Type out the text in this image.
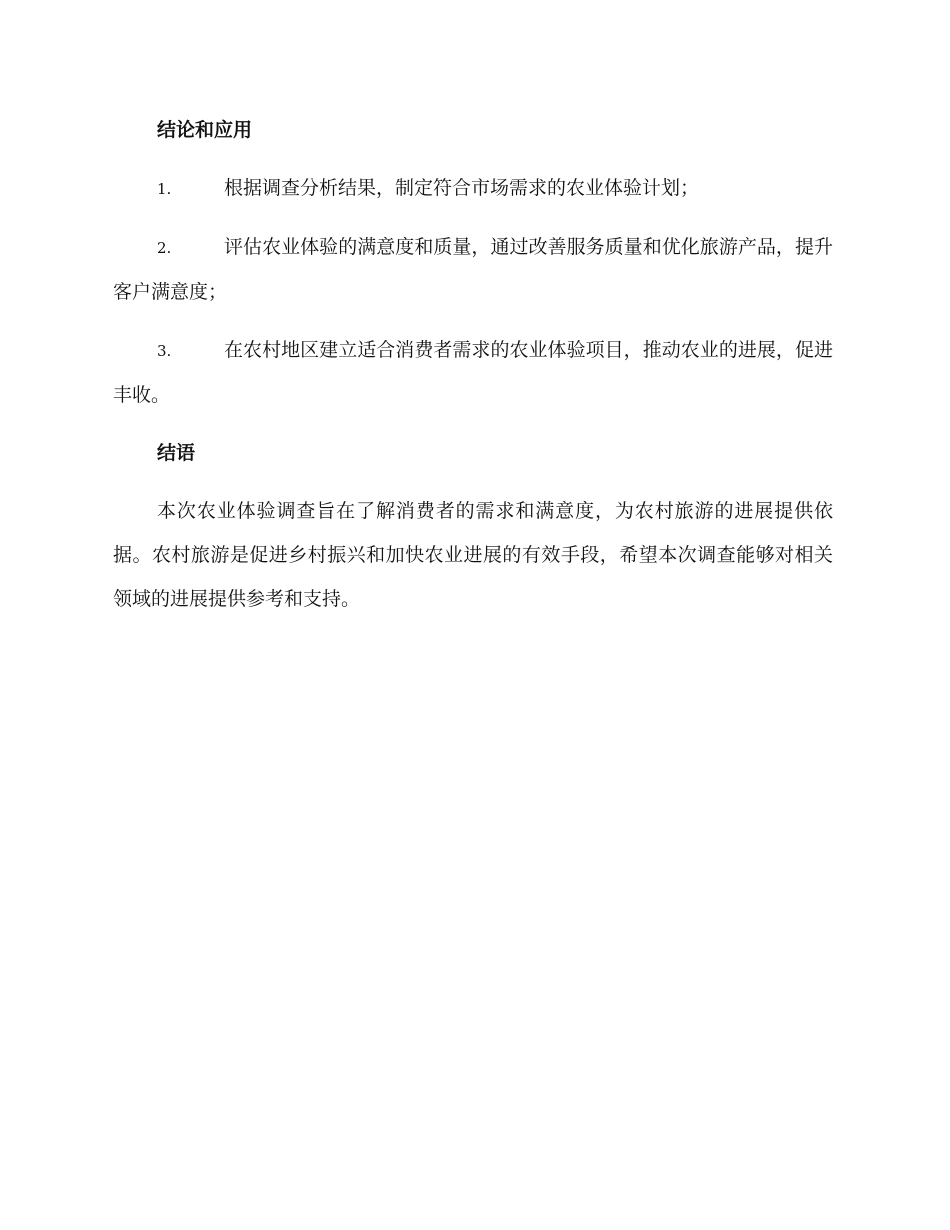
结论和应用
1.	根据调查分析结果，制定符合市场需求的农业体验计划；
2.	评估农业体验的满意度和质量，通过改善服务质量和优化旅游产品，提升客户满意度；
3.	在农村地区建立适合消费者需求的农业体验项目，推动农业的进展，促进丰收。
结语

本次农业体验调查旨在了解消费者的需求和满意度，为农村旅游的进展提供依据。农村旅游是促进乡村振兴和加快农业进展的有效手段，希望本次调查能够对相关领域的进展提供参考和支持。
